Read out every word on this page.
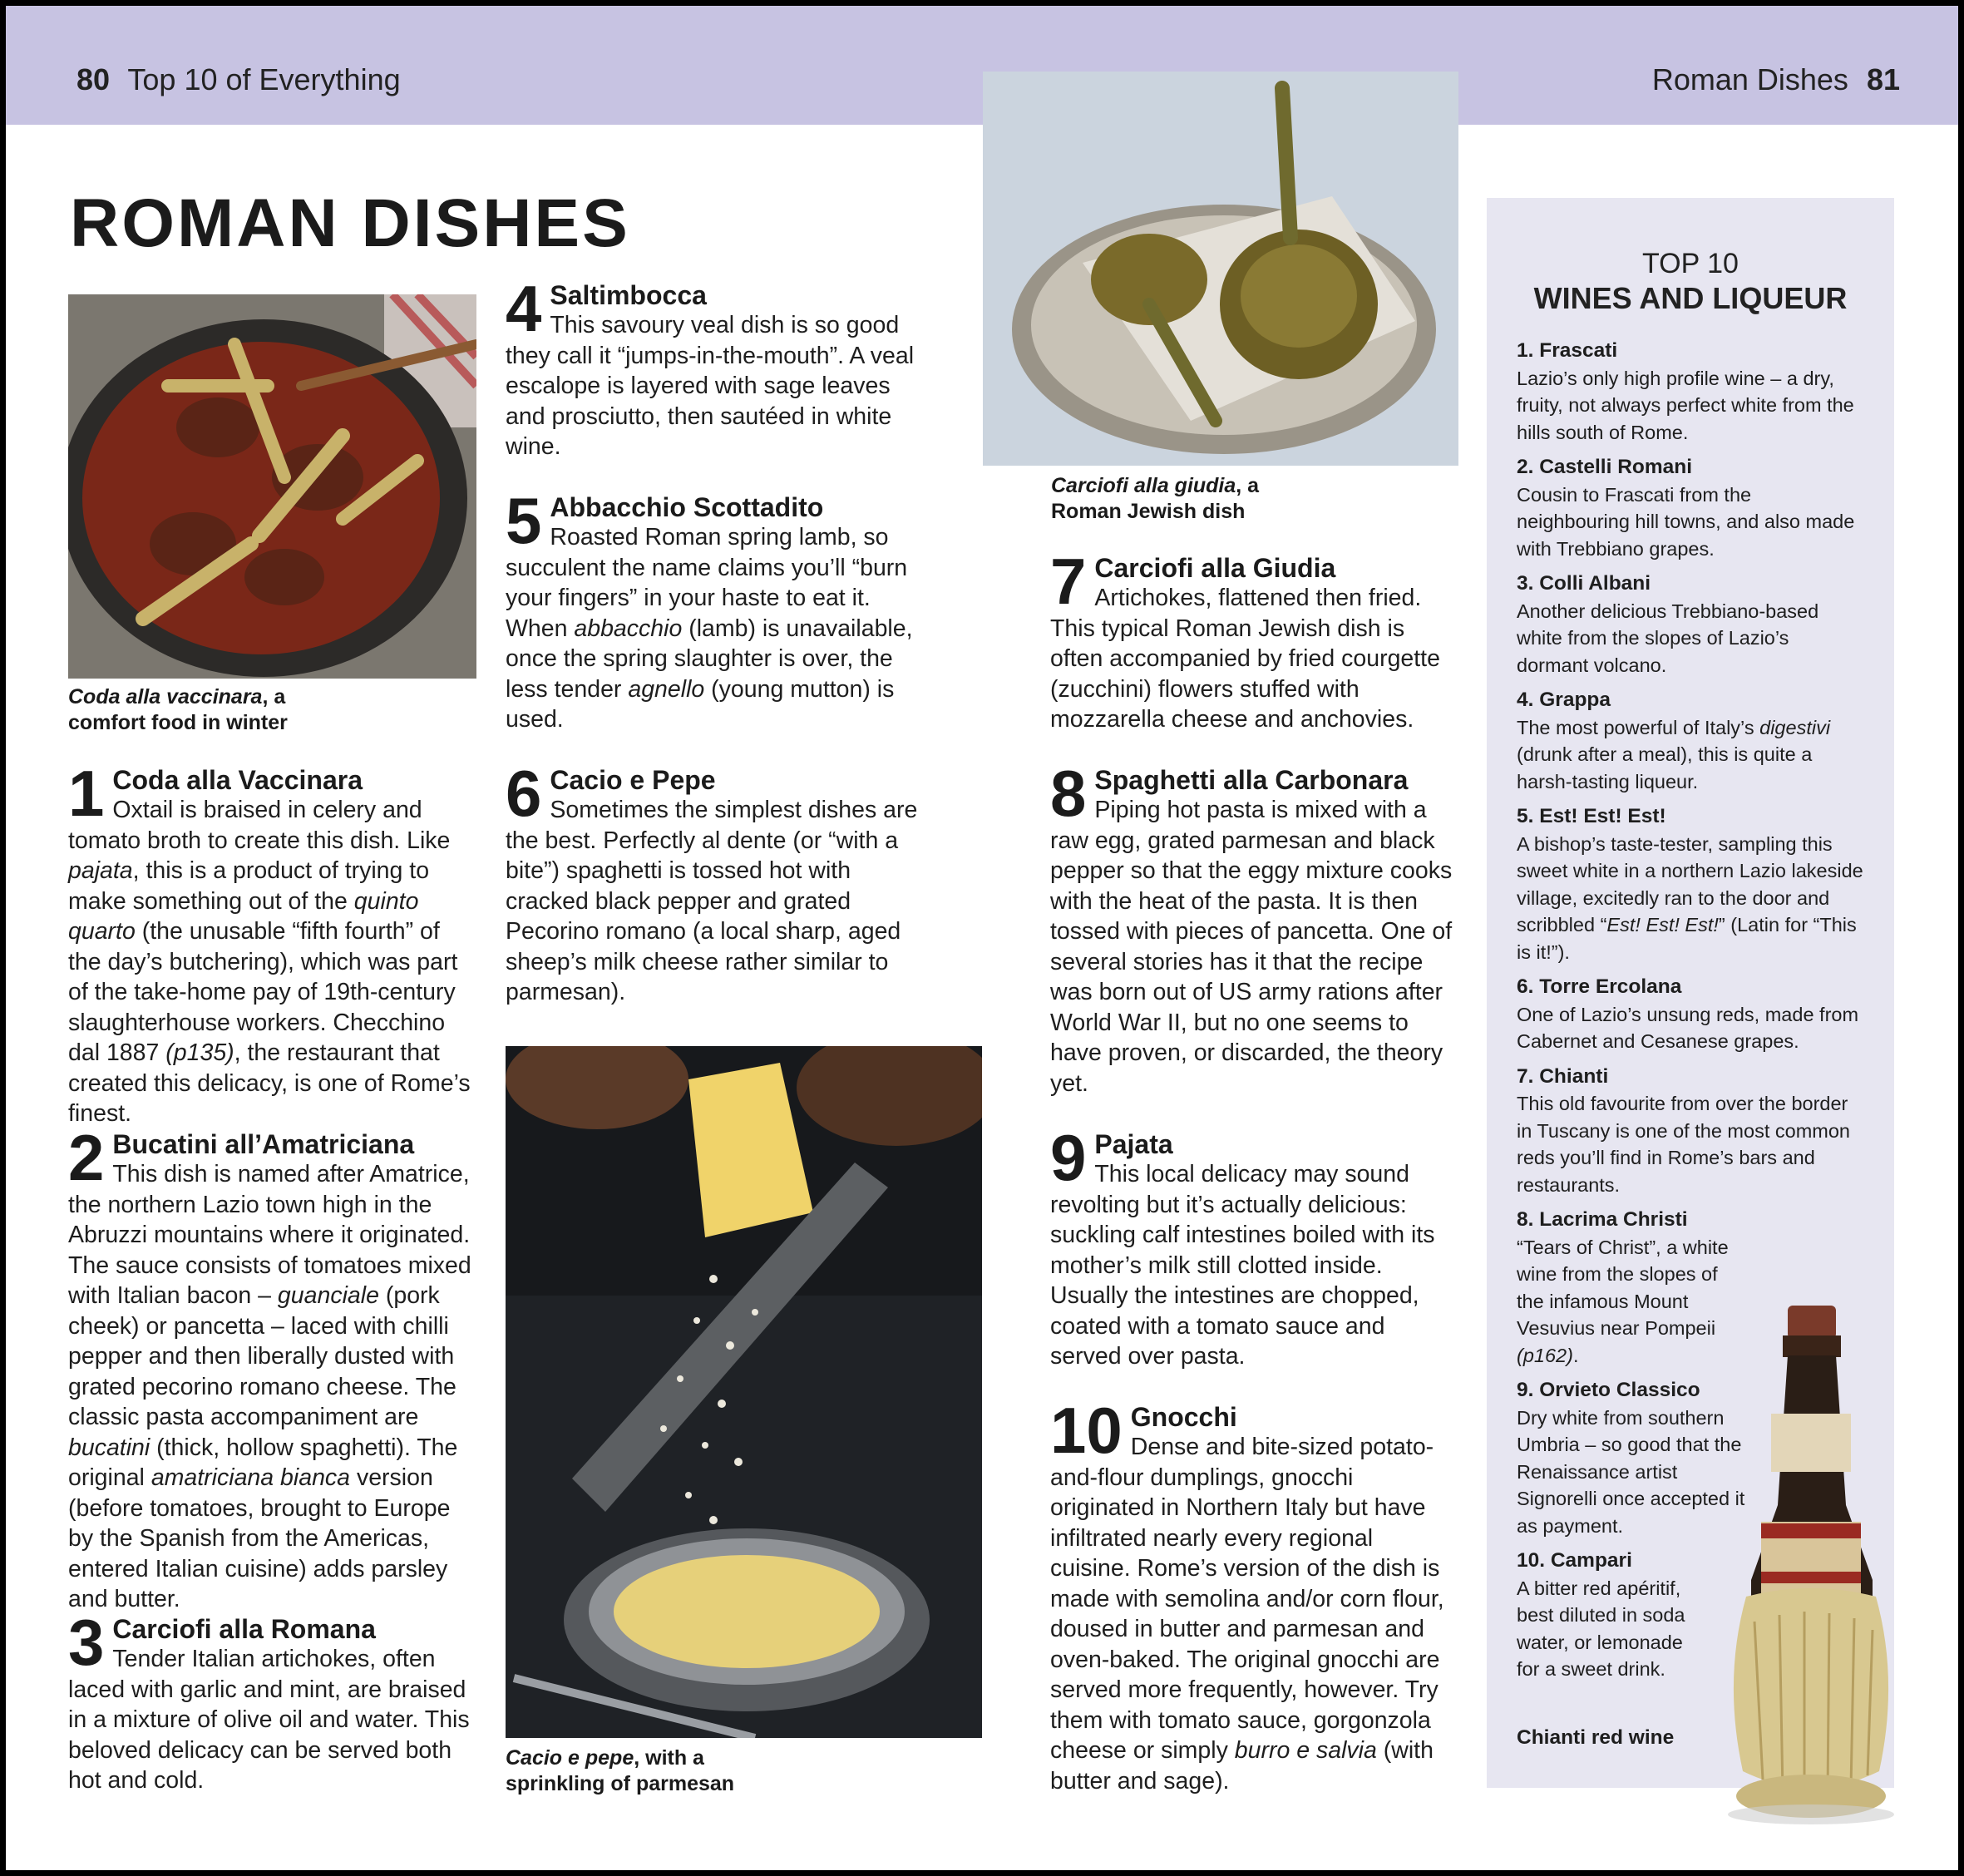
80 Top 10 of Everything	Roman Dishes 81
ROMAN DISHES
Coda alla vaccinara, a comfort food in winter
Carciofi alla giudia, a Roman Jewish dish
Cacio e pepe, with a sprinkling of parmesan
1 Coda alla Vaccinara

Oxtail is braised in celery and tomato broth to create this dish. Like pajata, this is a product of trying to make something out of the quinto quarto (the unusable “fifth fourth” of the day’s butchering), which was part of the take-home pay of 19th-century slaughterhouse workers. Checchino dal 1887 (p135), the restaurant that created this delicacy, is one of Rome’s finest.

2 Bucatini all’Amatriciana

This dish is named after Amatrice, the northern Lazio town high in the Abruzzi mountains where it originated. The sauce consists of tomatoes mixed with Italian bacon – guanciale (pork cheek) or pancetta – laced with chilli pepper and then liberally dusted with grated pecorino romano cheese. The classic pasta accompaniment are bucatini (thick, hollow spaghetti). The original amatriciana bianca version (before tomatoes, brought to Europe by the Spanish from the Americas, entered Italian cuisine) adds parsley and butter.

3 Carciofi alla Romana

Tender Italian artichokes, often laced with garlic and mint, are braised in a mixture of olive oil and water. This beloved delicacy can be served both hot and cold.

4 Saltimbocca

This savoury veal dish is so good they call it “jumps-in-the-mouth”. A veal escalope is layered with sage leaves and prosciutto, then sautéed in white wine.

5 Abbacchio Scottadito

Roasted Roman spring lamb, so succulent the name claims you’ll “burn your fingers” in your haste to eat it. When abbacchio (lamb) is unavailable, once the spring slaughter is over, the less tender agnello (young mutton) is used.

6 Cacio e Pepe

Sometimes the simplest dishes are the best. Perfectly al dente (or “with a bite”) spaghetti is tossed hot with cracked black pepper and grated Pecorino romano (a local sharp, aged sheep’s milk cheese rather similar to parmesan).

7 Carciofi alla Giudia

Artichokes, flattened then fried. This typical Roman Jewish dish is often accompanied by fried courgette (zucchini) flowers stuffed with mozzarella cheese and anchovies.

8 Spaghetti alla Carbonara

Piping hot pasta is mixed with a raw egg, grated parmesan and black pepper so that the eggy mixture cooks with the heat of the pasta. It is then tossed with pieces of pancetta. One of several stories has it that the recipe was born out of US army rations after World War II, but no one seems to have proven, or discarded, the theory yet.

9 Pajata

This local delicacy may sound revolting but it’s actually delicious: suckling calf intestines boiled with its mother’s milk still clotted inside. Usually the intestines are chopped, coated with a tomato sauce and served over pasta.

10 Gnocchi

Dense and bite-sized potato-and-flour dumplings, gnocchi originated in Northern Italy but have infiltrated nearly every regional cuisine. Rome’s version of the dish is made with semolina and/or corn flour, doused in butter and parmesan and oven-baked. The original gnocchi are served more frequently, however. Try them with tomato sauce, gorgonzola cheese or simply burro e salvia (with butter and sage).

TOP 10
WINES AND LIQUEUR
1. Frascati
Lazio’s only high profile wine – a dry, fruity, not always perfect white from the hills south of Rome.
2. Castelli Romani
Cousin to Frascati from the neighbouring hill towns, and also made with Trebbiano grapes.
3. Colli Albani
Another delicious Trebbiano-based white from the slopes of Lazio’s dormant volcano.
4. Grappa
The most powerful of Italy’s digestivi (drunk after a meal), this is quite a harsh-tasting liqueur.
5. Est! Est! Est!
A bishop’s taste-tester, sampling this sweet white in a northern Lazio lakeside village, excitedly ran to the door and scribbled “Est! Est! Est!” (Latin for “This is it!”).
6. Torre Ercolana
One of Lazio’s unsung reds, made from Cabernet and Cesanese grapes.
7. Chianti
This old favourite from over the border in Tuscany is one of the most common reds you’ll find in Rome’s bars and restaurants.
8. Lacrima Christi
“Tears of Christ”, a white wine from the slopes of the infamous Mount Vesuvius near Pompeii (p162).
9. Orvieto Classico
Dry white from southern Umbria – so good that the Renaissance artist Signorelli once accepted it as payment.
10. Campari
A bitter red apéritif, best diluted in soda water, or lemonade for a sweet drink.
Chianti red wine
